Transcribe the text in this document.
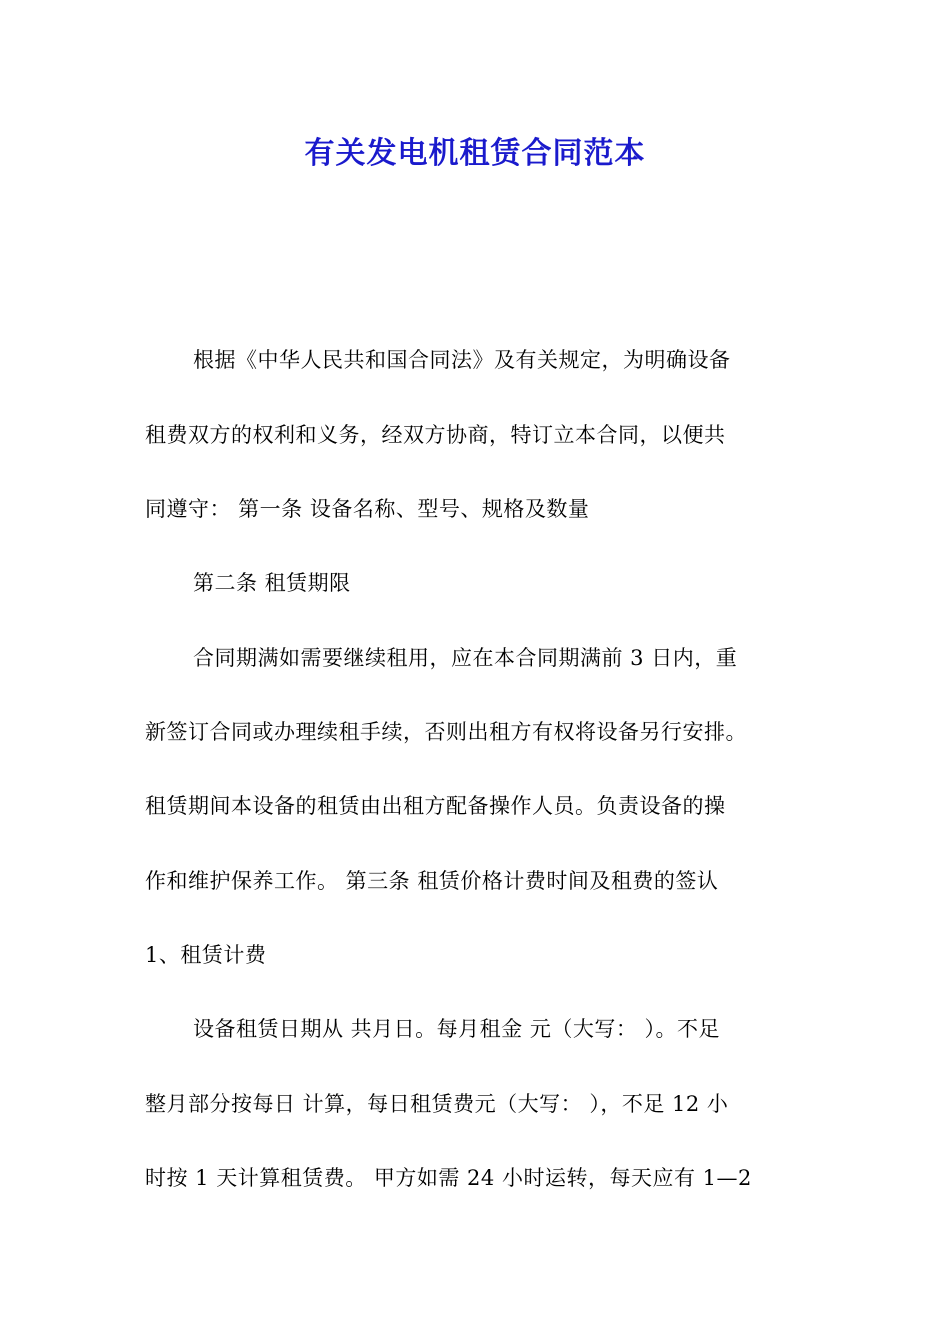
有关发电机租赁合同范本
根据《中华人民共和国合同法》及有关规定，为明确设备
租费双方的权利和义务，经双方协商，特订立本合同，以便共
同遵守： 第一条 设备名称、型号、规格及数量
第二条 租赁期限
合同期满如需要继续租用，应在本合同期满前 3 日内，重
新签订合同或办理续租手续，否则出租方有权将设备另行安排。
租赁期间本设备的租赁由出租方配备操作人员。负责设备的操
作和维护保养工作。 第三条 租赁价格计费时间及租费的签认
1、租赁计费
设备租赁日期从 共月日。每月租金 元（大写： ）。不足
整月部分按每日 计算，每日租赁费元（大写： ），不足 12 小
时按 1 天计算租赁费。 甲方如需 24 小时运转，每天应有 1—2
